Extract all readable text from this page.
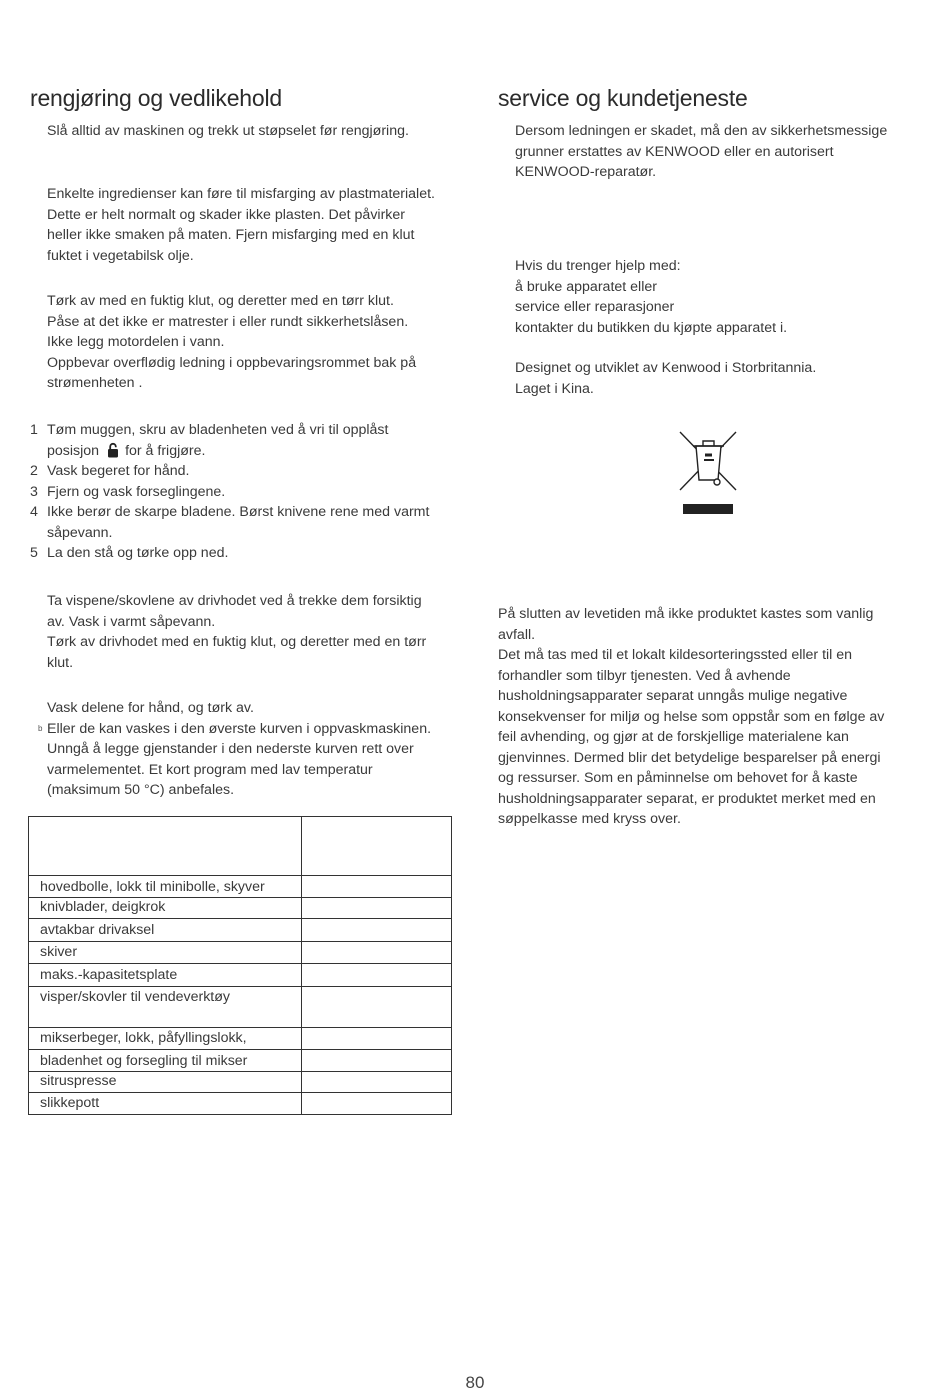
rengjøring og vedlikehold
Slå alltid av maskinen og trekk ut støpselet før rengjøring.
Enkelte ingredienser kan føre til misfarging av plastmaterialet.
Dette er helt normalt og skader ikke plasten. Det påvirker
heller ikke smaken på maten. Fjern misfarging med en klut
fuktet i vegetabilsk olje.
Tørk av med en fuktig klut, og deretter med en tørr klut.
Påse at det ikke er matrester i eller rundt sikkerhetslåsen.
Ikke legg motordelen i vann.
Oppbevar overflødig ledning i oppbevaringsrommet bak på
strømenheten .
1 Tøm muggen, skru av bladenheten ved å vri til opplåst
posisjon for å frigjøre.
2 Vask begeret for hånd.
3 Fjern og vask forseglingene.
4 Ikke berør de skarpe bladene. Børst knivene rene med varmt
såpevann.
5 La den stå og tørke opp ned.
Ta vispene/skovlene av drivhodet ved å trekke dem forsiktig
av. Vask i varmt såpevann.
Tørk av drivhodet med en fuktig klut, og deretter med en tørr
klut.
b
Vask delene for hånd, og tørk av.
Eller de kan vaskes i den øverste kurven i oppvaskmaskinen.
Unngå å legge gjenstander i den nederste kurven rett over
varmelementet. Et kort program med lav temperatur
(maksimum 50 °C) anbefales.

hovedbolle, lokk til minibolle, skyver	
knivblader, deigkrok	
avtakbar drivaksel	
skiver	
maks.-kapasitetsplate	
visper/skovler til vendeverktøy	
mikserbeger, lokk, påfyllingslokk,	
bladenhet og forsegling til mikser	
sitruspresse	
slikkepott	
service og kundetjeneste
Dersom ledningen er skadet, må den av sikkerhetsmessige
grunner erstattes av KENWOOD eller en autorisert
KENWOOD-reparatør.
Hvis du trenger hjelp med:
å bruke apparatet eller
service eller reparasjoner
kontakter du butikken du kjøpte apparatet i.
Designet og utviklet av Kenwood i Storbritannia.
Laget i Kina.
På slutten av levetiden må ikke produktet kastes som vanlig
avfall.
Det må tas med til et lokalt kildesorteringssted eller til en
forhandler som tilbyr tjenesten. Ved å avhende
husholdningsapparater separat unngås mulige negative
konsekvenser for miljø og helse som oppstår som en følge av
feil avhending, og gjør at de forskjellige materialene kan
gjenvinnes. Dermed blir det betydelige besparelser på energi
og ressurser. Som en påminnelse om behovet for å kaste
husholdningsapparater separat, er produktet merket med en
søppelkasse med kryss over.
80
